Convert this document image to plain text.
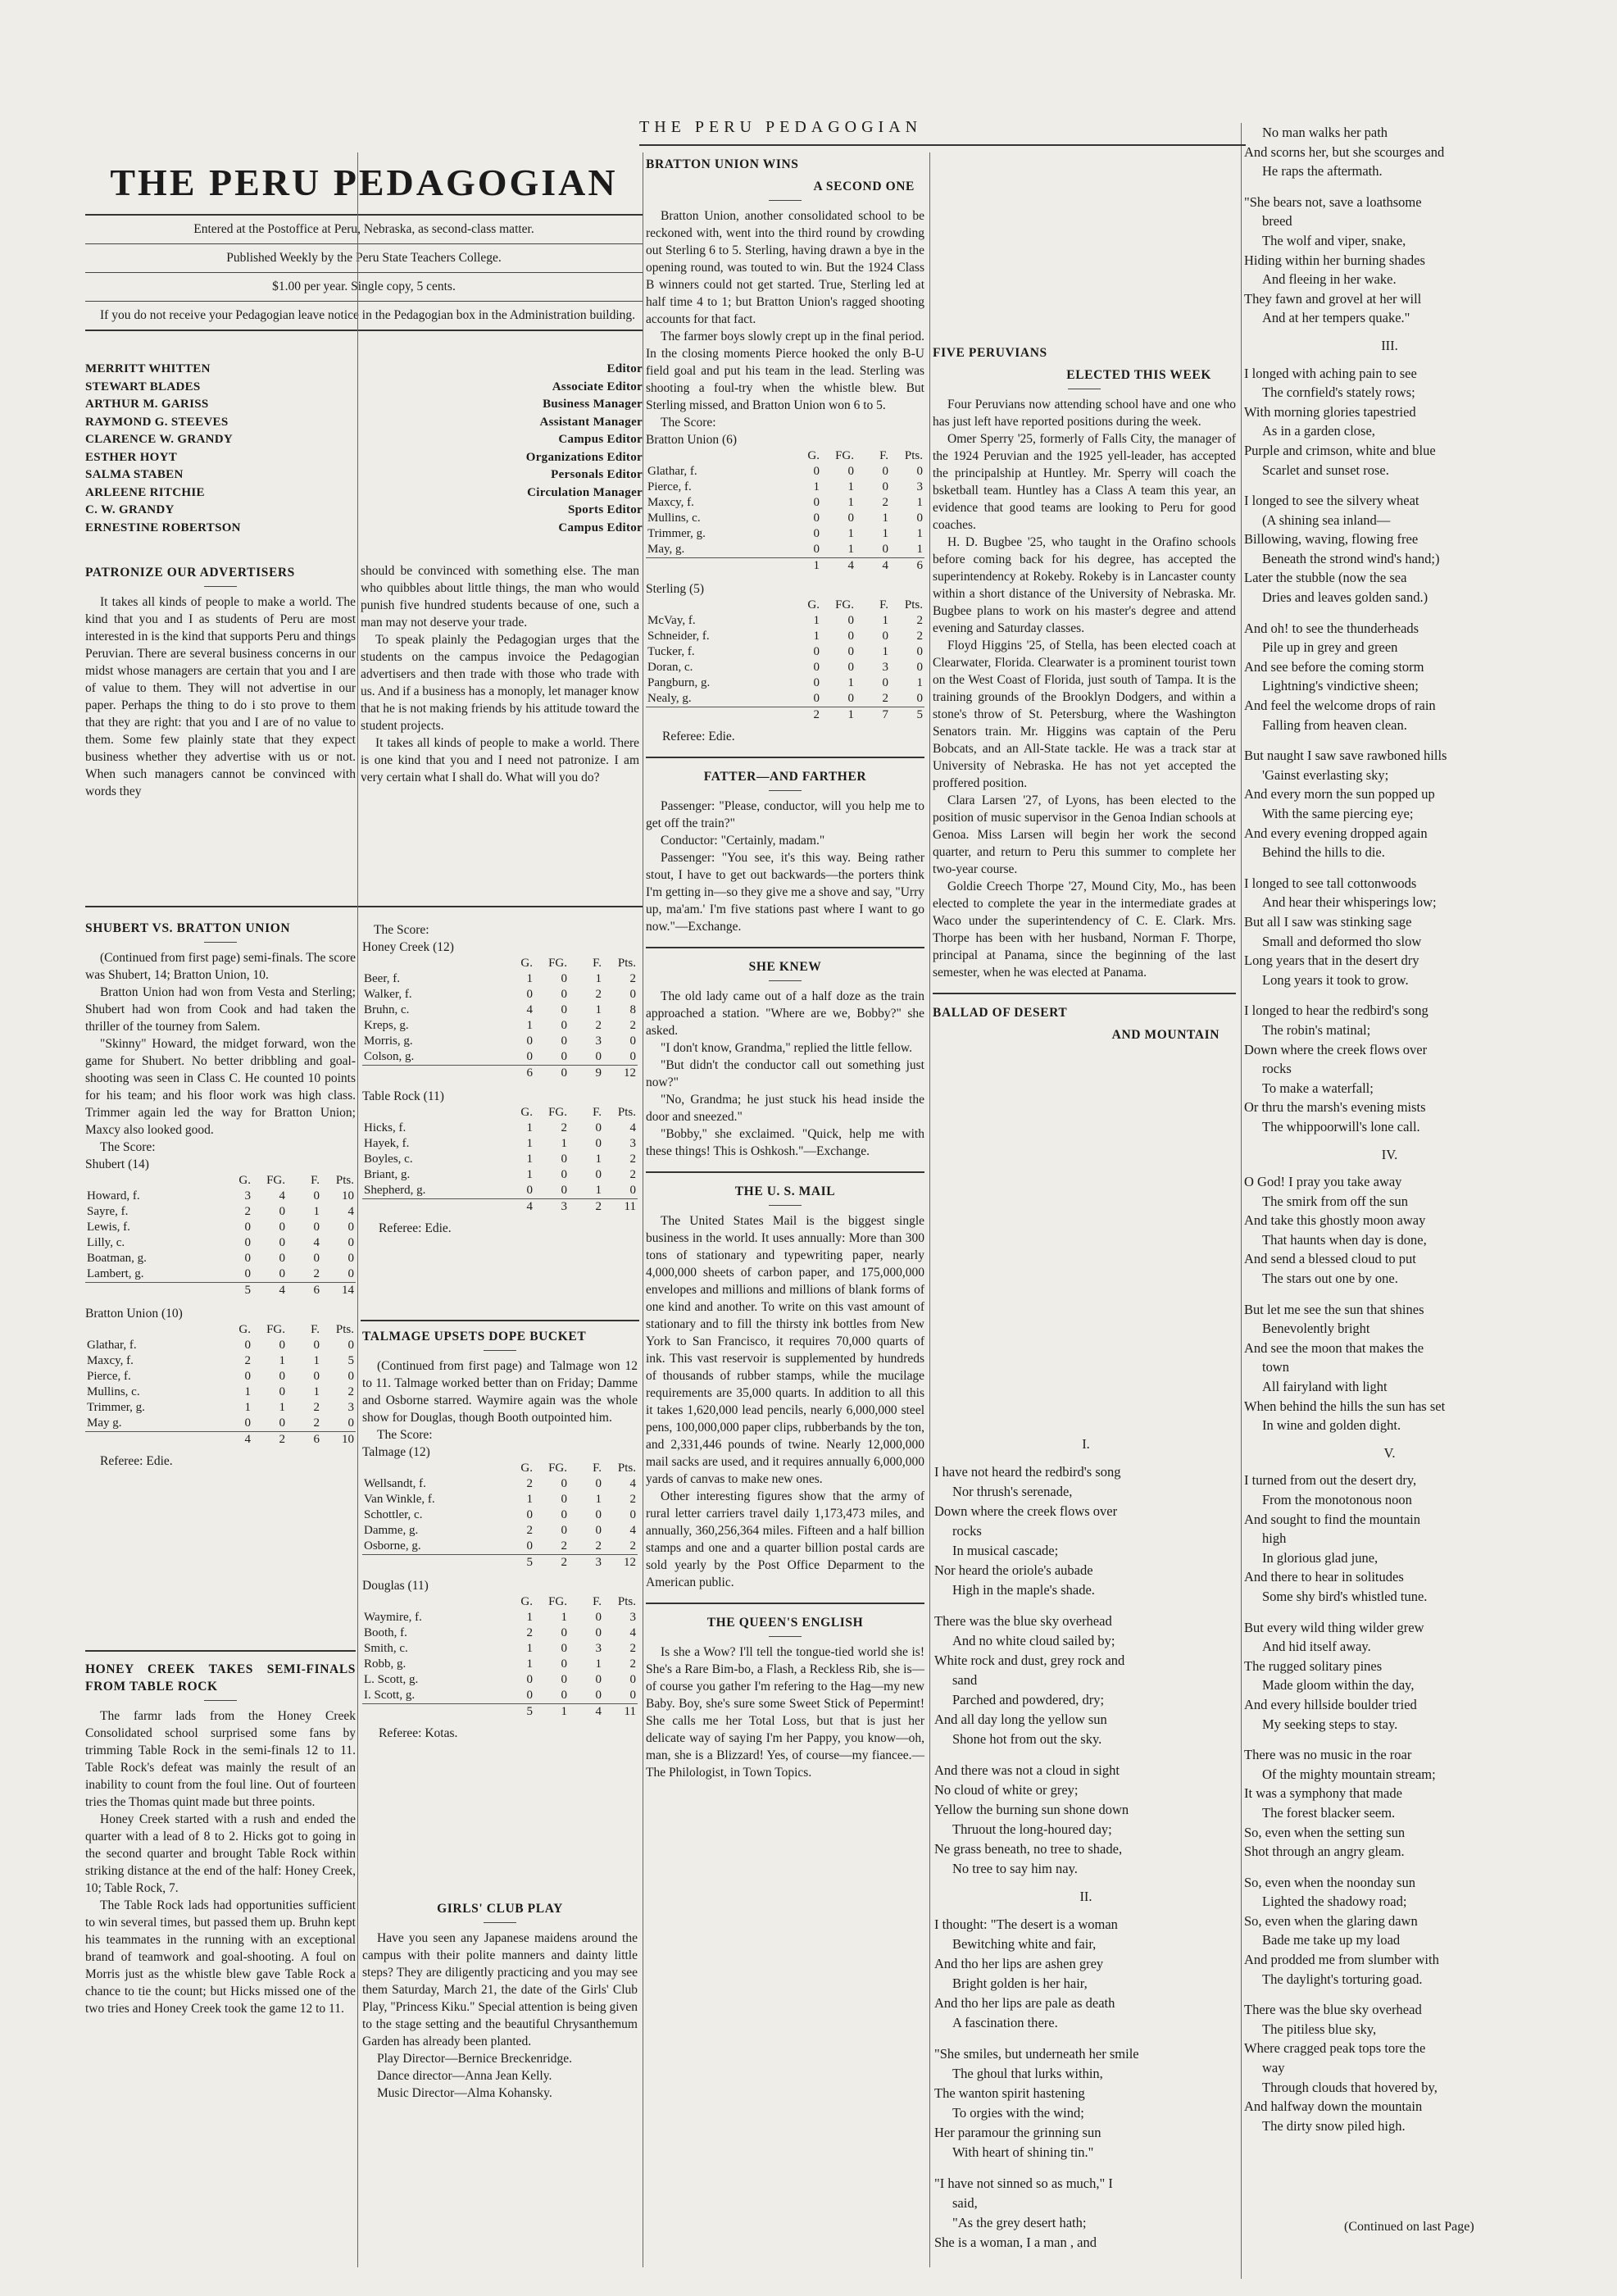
THE PERU PEDAGOGIAN
THE PERU PEDAGOGIAN

Entered at the Postoffice at Peru, Nebraska, as second-class matter.

Published Weekly by the Peru State Teachers College.

$1.00 per year. Single copy, 5 cents.

If you do not receive your Pedagogian leave notice in the Pedagogian box in the Administration building.

MERRITT WHITTEN	Editor
STEWART BLADES	Associate Editor
ARTHUR M. GARISS	Business Manager
RAYMOND G. STEEVES	Assistant Manager
CLARENCE W. GRANDY	Campus Editor
ESTHER HOYT	Organizations Editor
SALMA STABEN	Personals Editor
ARLEENE RITCHIE	Circulation Manager
C. W. GRANDY	Sports Editor
ERNESTINE ROBERTSON	Campus Editor
PATRONIZE OUR ADVERTISERS

It takes all kinds of people to make a world. The kind that you and I as students of Peru are most interested in is the kind that supports Peru and things Peruvian. There are several business concerns in our midst whose managers are certain that you and I are of value to them. They will not advertise in our paper. Perhaps the thing to do i sto prove to them that they are right: that you and I are of no value to them. Some few plainly state that they expect business whether they advertise with us or not. When such managers cannot be convinced with words they

should be convinced with something else. The man who quibbles about little things, the man who would punish five hundred students because of one, such a man may not deserve your trade.

To speak plainly the Pedagogian urges that the students on the campus invoice the Pedagogian advertisers and then trade with those who trade with us. And if a business has a monoply, let manager know that he is not making friends by his attitude toward the student projects.

It takes all kinds of people to make a world. There is one kind that you and I need not patronize. I am very certain what I shall do. What will you do?

SHUBERT VS. BRATTON UNION

(Continued from first page) semi-finals. The score was Shubert, 14; Bratton Union, 10.

Bratton Union had won from Vesta and Sterling; Shubert had won from Cook and had taken the thriller of the tourney from Salem.

"Skinny" Howard, the midget forward, won the game for Shubert. No better dribbling and goal-shooting was seen in Class C. He counted 10 points for his team; and his floor work was high class. Trimmer again led the way for Bratton Union; Maxcy also looked good.

The Score:

Shubert (14)
	G.	FG.	F.	Pts.
Howard, f.	3	4	0	10
Sayre, f.	2	0	1	4
Lewis, f.	0	0	0	0
Lilly, c.	0	0	4	0
Boatman, g.	0	0	0	0
Lambert, g.	0	0	2	0
	5	4	6	14
Bratton Union (10)
	G.	FG.	F.	Pts.
Glathar, f.	0	0	0	0
Maxcy, f.	2	1	1	5
Pierce, f.	0	0	0	0
Mullins, c.	1	0	1	2
Trimmer, g.	1	1	2	3
May g.	0	0	2	0
	4	2	6	10

Referee: Edie.

HONEY CREEK TAKES SEMI-FINALS FROM TABLE ROCK

The farmr lads from the Honey Creek Consolidated school surprised some fans by trimming Table Rock in the semi-finals 12 to 11. Table Rock's defeat was mainly the result of an inability to count from the foul line. Out of fourteen tries the Thomas quint made but three points.

Honey Creek started with a rush and ended the quarter with a lead of 8 to 2. Hicks got to going in the second quarter and brought Table Rock within striking distance at the end of the half: Honey Creek, 10; Table Rock, 7.

The Table Rock lads had opportunities sufficient to win several times, but passed them up. Bruhn kept his teammates in the running with an exceptional brand of teamwork and goal-shooting. A foul on Morris just as the whistle blew gave Table Rock a chance to tie the count; but Hicks missed one of the two tries and Honey Creek took the game 12 to 11.

The Score:

Honey Creek (12)
	G.	FG.	F.	Pts.
Beer, f.	1	0	1	2
Walker, f.	0	0	2	0
Bruhn, c.	4	0	1	8
Kreps, g.	1	0	2	2
Morris, g.	0	0	3	0
Colson, g.	0	0	0	0
	6	0	9	12
Table Rock (11)
	G.	FG.	F.	Pts.
Hicks, f.	1	2	0	4
Hayek, f.	1	1	0	3
Boyles, c.	1	0	1	2
Briant, g.	1	0	0	2
Shepherd, g.	0	0	1	0
	4	3	2	11

Referee: Edie.

TALMAGE UPSETS DOPE BUCKET

(Continued from first page) and Talmage won 12 to 11. Talmage worked better than on Friday; Damme and Osborne starred. Waymire again was the whole show for Douglas, though Booth outpointed him.

The Score:

Talmage (12)
	G.	FG.	F.	Pts.
Wellsandt, f.	2	0	0	4
Van Winkle, f.	1	0	1	2
Schottler, c.	0	0	0	0
Damme, g.	2	0	0	4
Osborne, g.	0	2	2	2
	5	2	3	12
Douglas (11)
	G.	FG.	F.	Pts.
Waymire, f.	1	1	0	3
Booth, f.	2	0	0	4
Smith, c.	1	0	3	2
Robb, g.	1	0	1	2
L. Scott, g.	0	0	0	0
I. Scott, g.	0	0	0	0
	5	1	4	11

Referee: Kotas.

GIRLS' CLUB PLAY

Have you seen any Japanese maidens around the campus with their polite manners and dainty little steps? They are diligently practicing and you may see them Saturday, March 21, the date of the Girls' Club Play, "Princess Kiku." Special attention is being given to the stage setting and the beautiful Chrysanthemum Garden has already been planted.

Play Director—Bernice Breckenridge.

Dance director—Anna Jean Kelly.

Music Director—Alma Kohansky.

BRATTON UNION WINS
A SECOND ONE

Bratton Union, another consolidated school to be reckoned with, went into the third round by crowding out Sterling 6 to 5. Sterling, having drawn a bye in the opening round, was touted to win. But the 1924 Class B winners could not get started. True, Sterling led at half time 4 to 1; but Bratton Union's ragged shooting accounts for that fact.

The farmer boys slowly crept up in the final period. In the closing moments Pierce hooked the only B-U field goal and put his team in the lead. Sterling was shooting a foul-try when the whistle blew. But Sterling missed, and Bratton Union won 6 to 5.

The Score:

Bratton Union (6)
	G.	FG.	F.	Pts.
Glathar, f.	0	0	0	0
Pierce, f.	1	1	0	3
Maxcy, f.	0	1	2	1
Mullins, c.	0	0	1	0
Trimmer, g.	0	1	1	1
May, g.	0	1	0	1
	1	4	4	6
Sterling (5)
	G.	FG.	F.	Pts.
McVay, f.	1	0	1	2
Schneider, f.	1	0	0	2
Tucker, f.	0	0	1	0
Doran, c.	0	0	3	0
Pangburn, g.	0	1	0	1
Nealy, g.	0	0	2	0
	2	1	7	5

Referee: Edie.

FATTER—AND FARTHER

Passenger: "Please, conductor, will you help me to get off the train?"

Conductor: "Certainly, madam."

Passenger: "You see, it's this way. Being rather stout, I have to get out backwards—the porters think I'm getting in—so they give me a shove and say, "Urry up, ma'am.' I'm five stations past where I want to go now."—Exchange.

SHE KNEW

The old lady came out of a half doze as the train approached a station. "Where are we, Bobby?" she asked.

"I don't know, Grandma," replied the little fellow.

"But didn't the conductor call out something just now?"

"No, Grandma; he just stuck his head inside the door and sneezed."

"Bobby," she exclaimed. "Quick, help me with these things! This is Oshkosh."—Exchange.

THE U. S. MAIL

The United States Mail is the biggest single business in the world. It uses annually: More than 300 tons of stationary and typewriting paper, nearly 4,000,000 sheets of carbon paper, and 175,000,000 envelopes and millions and millions of blank forms of one kind and another. To write on this vast amount of stationary and to fill the thirsty ink bottles from New York to San Francisco, it requires 70,000 quarts of ink. This vast reservoir is supplemented by hundreds of thousands of rubber stamps, while the mucilage requirements are 35,000 quarts. In addition to all this it takes 1,620,000 lead pencils, nearly 6,000,000 steel pens, 100,000,000 paper clips, rubberbands by the ton, and 2,331,446 pounds of twine. Nearly 12,000,000 mail sacks are used, and it requires annually 6,000,000 yards of canvas to make new ones.

Other interesting figures show that the army of rural letter carriers travel daily 1,173,473 miles, and annually, 360,256,364 miles. Fifteen and a half billion stamps and one and a quarter billion postal cards are sold yearly by the Post Office Deparment to the American public.

THE QUEEN'S ENGLISH

Is she a Wow? I'll tell the tongue-tied world she is! She's a Rare Bim-bo, a Flash, a Reckless Rib, she is—of course you gather I'm refering to the Hag—my new Baby. Boy, she's sure some Sweet Stick of Pepermint! She calls me her Total Loss, but that is just her delicate way of saying I'm her Pappy, you know—oh, man, she is a Blizzard! Yes, of course—my fiancee.—The Philologist, in Town Topics.

FIVE PERUVIANS
ELECTED THIS WEEK

Four Peruvians now attending school have and one who has just left have reported positions during the week.

Omer Sperry '25, formerly of Falls City, the manager of the 1924 Peruvian and the 1925 yell-leader, has accepted the principalship at Huntley. Mr. Sperry will coach the bsketball team. Huntley has a Class A team this year, an evidence that good teams are looking to Peru for good coaches.

H. D. Bugbee '25, who taught in the Orafino schools before coming back for his degree, has accepted the superintendency at Rokeby. Rokeby is in Lancaster county within a short distance of the University of Nebraska. Mr. Bugbee plans to work on his master's degree and attend evening and Saturday classes.

Floyd Higgins '25, of Stella, has been elected coach at Clearwater, Florida. Clearwater is a prominent tourist town on the West Coast of Florida, just south of Tampa. It is the training grounds of the Brooklyn Dodgers, and within a stone's throw of St. Petersburg, where the Washington Senators train. Mr. Higgins was captain of the Peru Bobcats, and an All-State tackle. He was a track star at University of Nebraska. He has not yet accepted the proffered position.

Clara Larsen '27, of Lyons, has been elected to the position of music supervisor in the Genoa Indian schools at Genoa. Miss Larsen will begin her work the second quarter, and return to Peru this summer to complete her two-year course.

Goldie Creech Thorpe '27, Mound City, Mo., has been elected to complete the year in the intermediate grades at Waco under the superintendency of C. E. Clark. Mrs. Thorpe has been with her husband, Norman F. Thorpe, principal at Panama, since the beginning of the last semester, when he was elected at Panama.

BALLAD OF DESERT
AND MOUNTAIN
I.
I have not heard the redbird's song
Nor thrush's serenade,
Down where the creek flows over
rocks
In musical cascade;
Nor heard the oriole's aubade
High in the maple's shade.
There was the blue sky overhead
And no white cloud sailed by;
White rock and dust, grey rock and
sand
Parched and powdered, dry;
And all day long the yellow sun
Shone hot from out the sky.
And there was not a cloud in sight
No cloud of white or grey;
Yellow the burning sun shone down
Thruout the long-houred day;
Ne grass beneath, no tree to shade,
No tree to say him nay.
II.
I thought: "The desert is a woman
Bewitching white and fair,
And tho her lips are ashen grey
Bright golden is her hair,
And tho her lips are pale as death
A fascination there.
"She smiles, but underneath her smile
The ghoul that lurks within,
The wanton spirit hastening
To orgies with the wind;
Her paramour the grinning sun
With heart of shining tin."
"I have not sinned so as much," I
said,
"As the grey desert hath;
She is a woman, I a man , and
No man walks her path
And scorns her, but she scourges and
He raps the aftermath.
"She bears not, save a loathsome
breed
The wolf and viper, snake,
Hiding within her burning shades
And fleeing in her wake.
They fawn and grovel at her will
And at her tempers quake."
III.
I longed with aching pain to see
The cornfield's stately rows;
With morning glories tapestried
As in a garden close,
Purple and crimson, white and blue
Scarlet and sunset rose.
I longed to see the silvery wheat
(A shining sea inland—
Billowing, waving, flowing free
Beneath the strond wind's hand;)
Later the stubble (now the sea
Dries and leaves golden sand.)
And oh! to see the thunderheads
Pile up in grey and green
And see before the coming storm
Lightning's vindictive sheen;
And feel the welcome drops of rain
Falling from heaven clean.
But naught I saw save rawboned hills
'Gainst everlasting sky;
And every morn the sun popped up
With the same piercing eye;
And every evening dropped again
Behind the hills to die.
I longed to see tall cottonwoods
And hear their whisperings low;
But all I saw was stinking sage
Small and deformed tho slow
Long years that in the desert dry
Long years it took to grow.
I longed to hear the redbird's song
The robin's matinal;
Down where the creek flows over
rocks
To make a waterfall;
Or thru the marsh's evening mists
The whippoorwill's lone call.
IV.
O God! I pray you take away
The smirk from off the sun
And take this ghostly moon away
That haunts when day is done,
And send a blessed cloud to put
The stars out one by one.
But let me see the sun that shines
Benevolently bright
And see the moon that makes the
town
All fairyland with light
When behind the hills the sun has set
In wine and golden dight.
V.
I turned from out the desert dry,
From the monotonous noon
And sought to find the mountain
high
In glorious glad june,
And there to hear in solitudes
Some shy bird's whistled tune.
But every wild thing wilder grew
And hid itself away.
The rugged solitary pines
Made gloom within the day,
And every hillside boulder tried
My seeking steps to stay.
There was no music in the roar
Of the mighty mountain stream;
It was a symphony that made
The forest blacker seem.
So, even when the setting sun
Shot through an angry gleam.
So, even when the noonday sun
Lighted the shadowy road;
So, even when the glaring dawn
Bade me take up my load
And prodded me from slumber with
The daylight's torturing goad.
There was the blue sky overhead
The pitiless blue sky,
Where cragged peak tops tore the
way
Through clouds that hovered by,
And halfway down the mountain
The dirty snow piled high.
(Continued on last Page)
